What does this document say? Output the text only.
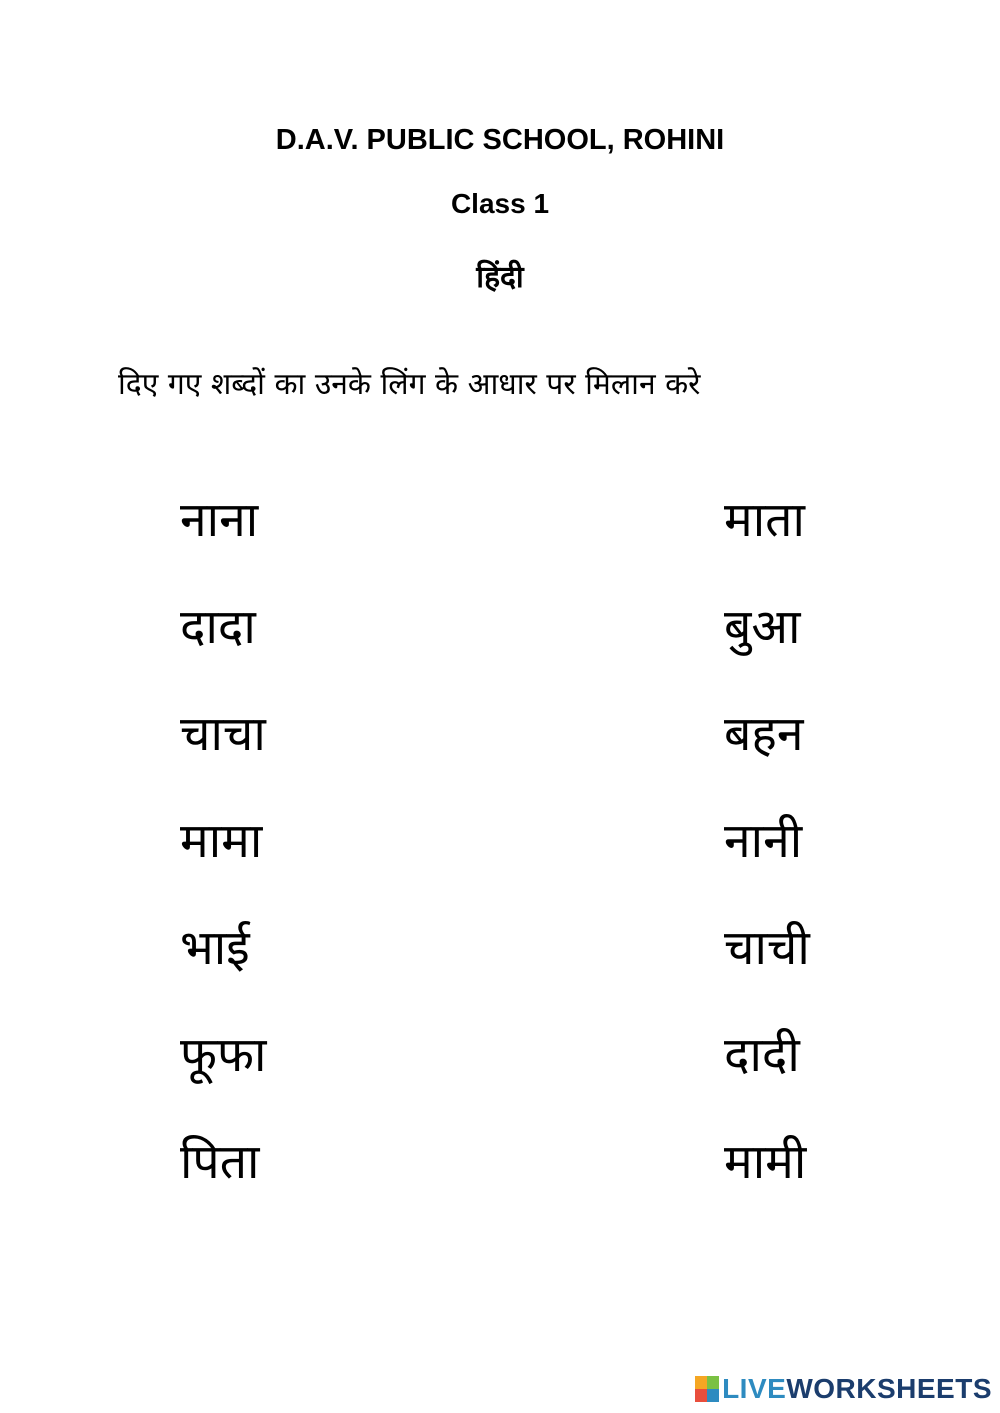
D.A.V. PUBLIC SCHOOL, ROHINI
Class 1
हिंदी
दिए गए शब्दों का उनके लिंग के आधार पर मिलान करे
नाना
दादा
चाचा
मामा
भाई
फूफा
पिता
माता
बुआ
बहन
नानी
चाची
दादी
मामी
LIVE WORKSHEETS
